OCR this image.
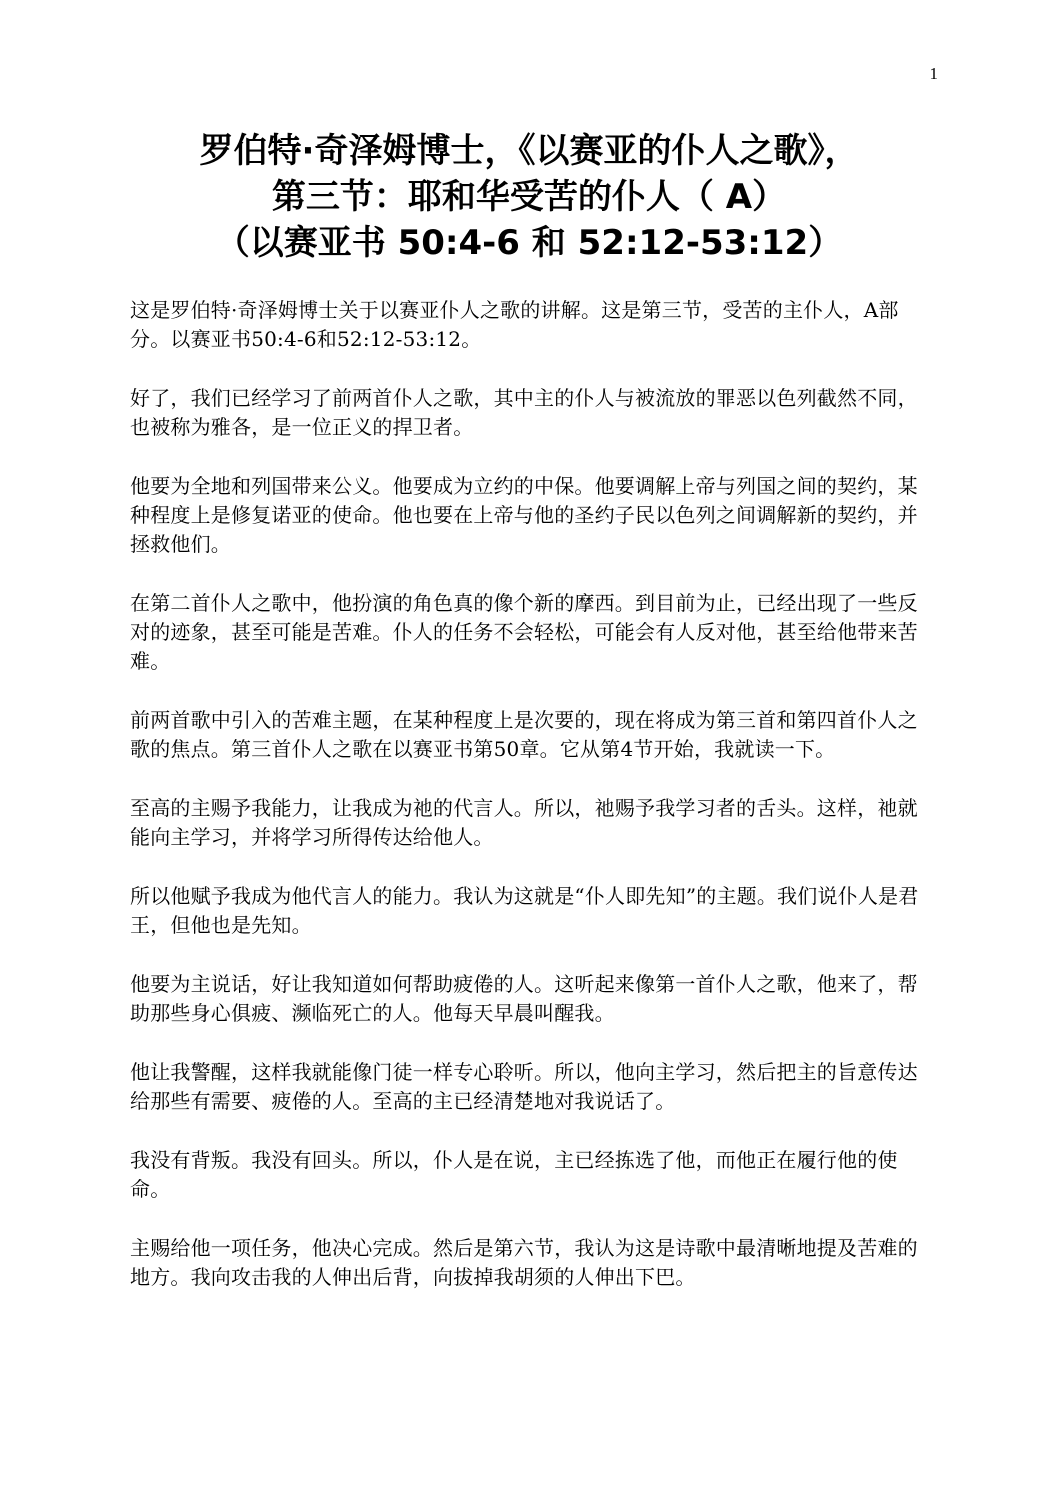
1
罗伯特·奇泽姆博士，《以赛亚的仆人之歌》，
第三节：耶和华受苦的仆人（ A）
（以赛亚书 50:4-6 和 52:12-53:12）

这是罗伯特·奇泽姆博士关于以赛亚仆人之歌的讲解。这是第三节，受苦的主仆人，A部分。以赛亚书50:4-6和52:12-53:12。

好了，我们已经学习了前两首仆人之歌，其中主的仆人与被流放的罪恶以色列截然不同，也被称为雅各，是一位正义的捍卫者。

他要为全地和列国带来公义。他要成为立约的中保。他要调解上帝与列国之间的契约，某种程度上是修复诺亚的使命。他也要在上帝与他的圣约子民以色列之间调解新的契约，并拯救他们。

在第二首仆人之歌中，他扮演的角色真的像个新的摩西。到目前为止，已经出现了一些反对的迹象，甚至可能是苦难。仆人的任务不会轻松，可能会有人反对他，甚至给他带来苦难。

前两首歌中引入的苦难主题，在某种程度上是次要的，现在将成为第三首和第四首仆人之歌的焦点。第三首仆人之歌在以赛亚书第50章。它从第4节开始，我就读一下。

至高的主赐予我能力，让我成为祂的代言人。所以，祂赐予我学习者的舌头。这样，祂就能向主学习，并将学习所得传达给他人。

所以他赋予我成为他代言人的能力。我认为这就是“仆人即先知”的主题。我们说仆人是君王，但他也是先知。

他要为主说话，好让我知道如何帮助疲倦的人。这听起来像第一首仆人之歌，他来了，帮助那些身心俱疲、濒临死亡的人。他每天早晨叫醒我。

他让我警醒，这样我就能像门徒一样专心聆听。所以，他向主学习，然后把主的旨意传达给那些有需要、疲倦的人。至高的主已经清楚地对我说话了。

我没有背叛。我没有回头。所以，仆人是在说，主已经拣选了他，而他正在履行他的使命。

主赐给他一项任务，他决心完成。然后是第六节，我认为这是诗歌中最清晰地提及苦难的地方。我向攻击我的人伸出后背，向拔掉我胡须的人伸出下巴。
